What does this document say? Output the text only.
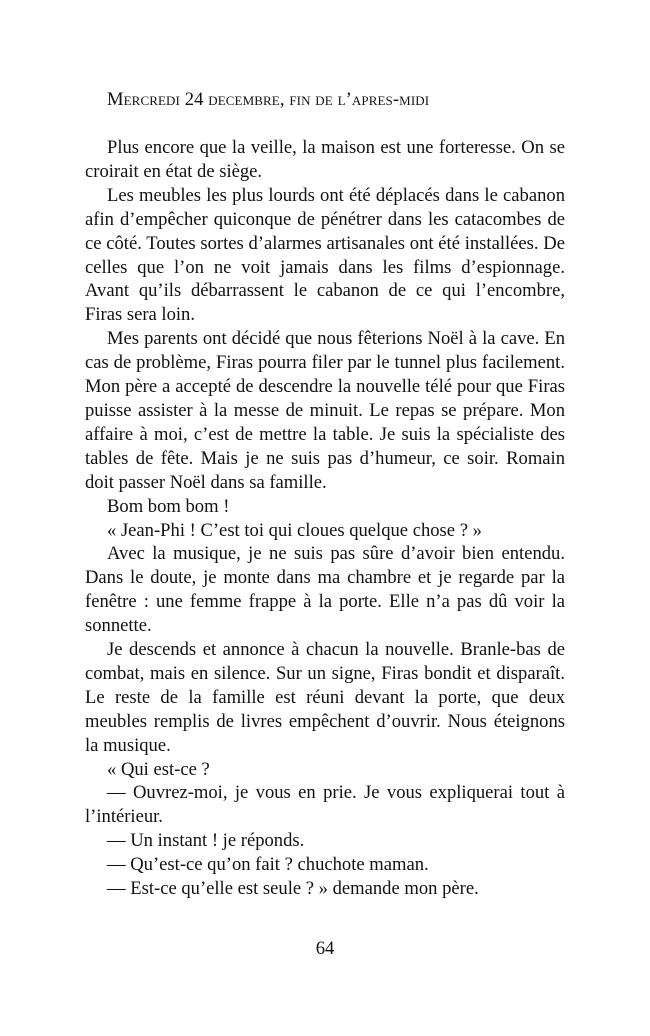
Mercredi 24 decembre, fin de l’apres-midi

Plus encore que la veille, la maison est une forteresse. On se croirait en état de siège.

Les meubles les plus lourds ont été déplacés dans le cabanon afin d’empêcher quiconque de pénétrer dans les catacombes de ce côté. Toutes sortes d’alarmes artisanales ont été installées. De celles que l’on ne voit jamais dans les films d’espionnage. Avant qu’ils débarrassent le cabanon de ce qui l’encombre, Firas sera loin.

Mes parents ont décidé que nous fêterions Noël à la cave. En cas de problème, Firas pourra filer par le tunnel plus facilement. Mon père a accepté de descendre la nouvelle télé pour que Firas puisse assister à la messe de minuit. Le repas se prépare. Mon affaire à moi, c’est de mettre la table. Je suis la spécialiste des tables de fête. Mais je ne suis pas d’humeur, ce soir. Romain doit passer Noël dans sa famille.

Bom bom bom !

« Jean-Phi ! C’est toi qui cloues quelque chose ? »

Avec la musique, je ne suis pas sûre d’avoir bien entendu. Dans le doute, je monte dans ma chambre et je regarde par la fenêtre : une femme frappe à la porte. Elle n’a pas dû voir la sonnette.

Je descends et annonce à chacun la nouvelle. Branle-bas de combat, mais en silence. Sur un signe, Firas bondit et disparaît. Le reste de la famille est réuni devant la porte, que deux meubles remplis de livres empêchent d’ouvrir. Nous éteignons la musique.

« Qui est-ce ?

— Ouvrez-moi, je vous en prie. Je vous expliquerai tout à l’intérieur.

— Un instant ! je réponds.

— Qu’est-ce qu’on fait ? chuchote maman.

— Est-ce qu’elle est seule ? » demande mon père.

64
